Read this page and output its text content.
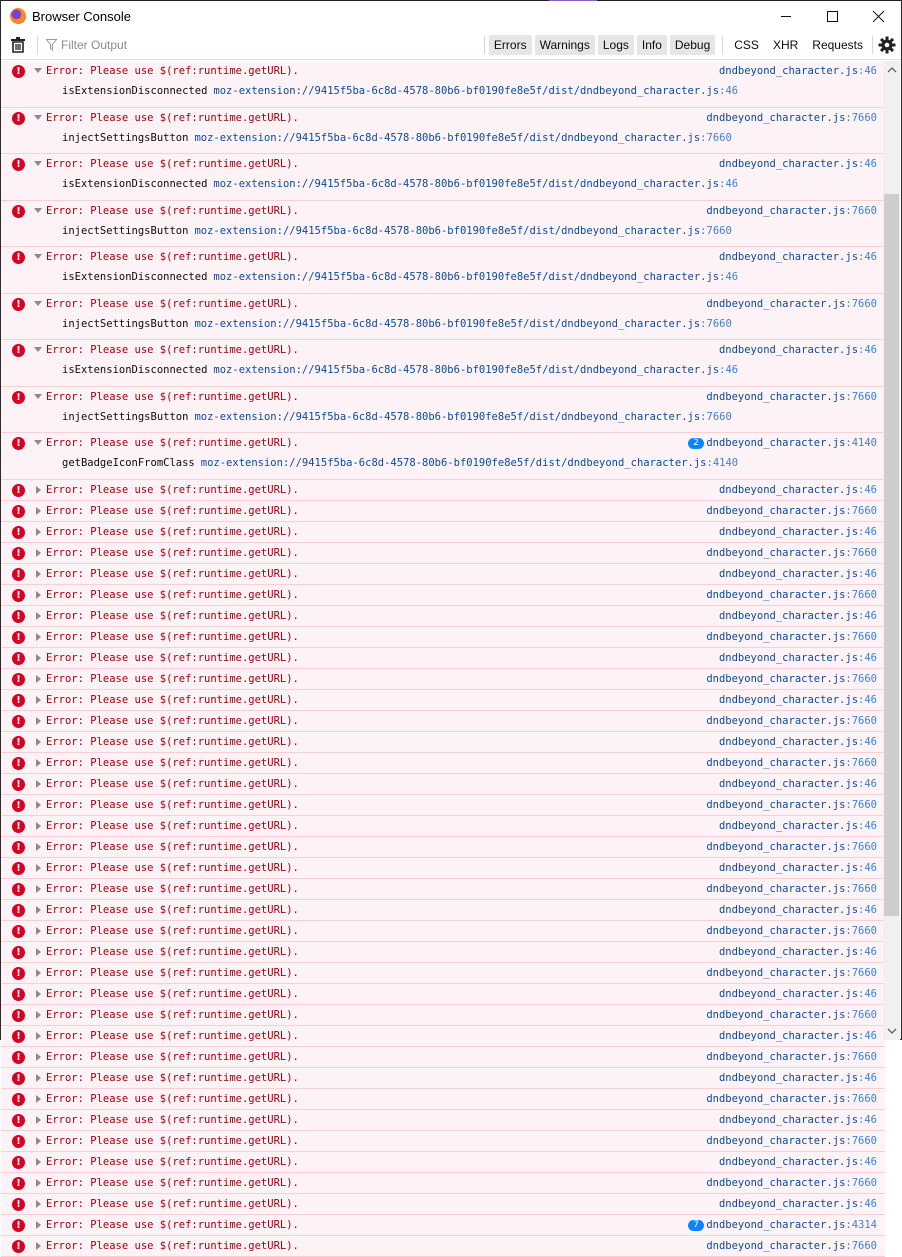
Browser Console
Filter Output
Errors	Warnings	Logs	Info	Debug	CSS	XHR	Requests
!	Error: Please use $(ref:runtime.getURL).	dndbeyond_character.js:46
isExtensionDisconnected moz-extension://9415f5ba-6c8d-4578-80b6-bf0190fe8e5f/dist/dndbeyond_character.js:46
!	Error: Please use $(ref:runtime.getURL).	dndbeyond_character.js:7660
injectSettingsButton moz-extension://9415f5ba-6c8d-4578-80b6-bf0190fe8e5f/dist/dndbeyond_character.js:7660
!	Error: Please use $(ref:runtime.getURL).	dndbeyond_character.js:46
isExtensionDisconnected moz-extension://9415f5ba-6c8d-4578-80b6-bf0190fe8e5f/dist/dndbeyond_character.js:46
!	Error: Please use $(ref:runtime.getURL).	dndbeyond_character.js:7660
injectSettingsButton moz-extension://9415f5ba-6c8d-4578-80b6-bf0190fe8e5f/dist/dndbeyond_character.js:7660
!	Error: Please use $(ref:runtime.getURL).	dndbeyond_character.js:46
isExtensionDisconnected moz-extension://9415f5ba-6c8d-4578-80b6-bf0190fe8e5f/dist/dndbeyond_character.js:46
!	Error: Please use $(ref:runtime.getURL).	dndbeyond_character.js:7660
injectSettingsButton moz-extension://9415f5ba-6c8d-4578-80b6-bf0190fe8e5f/dist/dndbeyond_character.js:7660
!	Error: Please use $(ref:runtime.getURL).	dndbeyond_character.js:46
isExtensionDisconnected moz-extension://9415f5ba-6c8d-4578-80b6-bf0190fe8e5f/dist/dndbeyond_character.js:46
!	Error: Please use $(ref:runtime.getURL).	dndbeyond_character.js:7660
injectSettingsButton moz-extension://9415f5ba-6c8d-4578-80b6-bf0190fe8e5f/dist/dndbeyond_character.js:7660
!	Error: Please use $(ref:runtime.getURL).	dndbeyond_character.js:4140
2
getBadgeIconFromClass moz-extension://9415f5ba-6c8d-4578-80b6-bf0190fe8e5f/dist/dndbeyond_character.js:4140
!	Error: Please use $(ref:runtime.getURL).	dndbeyond_character.js:46
!	Error: Please use $(ref:runtime.getURL).	dndbeyond_character.js:7660
!	Error: Please use $(ref:runtime.getURL).	dndbeyond_character.js:46
!	Error: Please use $(ref:runtime.getURL).	dndbeyond_character.js:7660
!	Error: Please use $(ref:runtime.getURL).	dndbeyond_character.js:46
!	Error: Please use $(ref:runtime.getURL).	dndbeyond_character.js:7660
!	Error: Please use $(ref:runtime.getURL).	dndbeyond_character.js:46
!	Error: Please use $(ref:runtime.getURL).	dndbeyond_character.js:7660
!	Error: Please use $(ref:runtime.getURL).	dndbeyond_character.js:46
!	Error: Please use $(ref:runtime.getURL).	dndbeyond_character.js:7660
!	Error: Please use $(ref:runtime.getURL).	dndbeyond_character.js:46
!	Error: Please use $(ref:runtime.getURL).	dndbeyond_character.js:7660
!	Error: Please use $(ref:runtime.getURL).	dndbeyond_character.js:46
!	Error: Please use $(ref:runtime.getURL).	dndbeyond_character.js:7660
!	Error: Please use $(ref:runtime.getURL).	dndbeyond_character.js:46
!	Error: Please use $(ref:runtime.getURL).	dndbeyond_character.js:7660
!	Error: Please use $(ref:runtime.getURL).	dndbeyond_character.js:46
!	Error: Please use $(ref:runtime.getURL).	dndbeyond_character.js:7660
!	Error: Please use $(ref:runtime.getURL).	dndbeyond_character.js:46
!	Error: Please use $(ref:runtime.getURL).	dndbeyond_character.js:7660
!	Error: Please use $(ref:runtime.getURL).	dndbeyond_character.js:46
!	Error: Please use $(ref:runtime.getURL).	dndbeyond_character.js:7660
!	Error: Please use $(ref:runtime.getURL).	dndbeyond_character.js:46
!	Error: Please use $(ref:runtime.getURL).	dndbeyond_character.js:7660
!	Error: Please use $(ref:runtime.getURL).	dndbeyond_character.js:46
!	Error: Please use $(ref:runtime.getURL).	dndbeyond_character.js:7660
!	Error: Please use $(ref:runtime.getURL).	dndbeyond_character.js:46
!	Error: Please use $(ref:runtime.getURL).	dndbeyond_character.js:7660
!	Error: Please use $(ref:runtime.getURL).	dndbeyond_character.js:46
!	Error: Please use $(ref:runtime.getURL).	dndbeyond_character.js:7660
!	Error: Please use $(ref:runtime.getURL).	dndbeyond_character.js:46
!	Error: Please use $(ref:runtime.getURL).	dndbeyond_character.js:7660
!	Error: Please use $(ref:runtime.getURL).	dndbeyond_character.js:46
!	Error: Please use $(ref:runtime.getURL).	dndbeyond_character.js:7660
!	Error: Please use $(ref:runtime.getURL).	dndbeyond_character.js:46
!	Error: Please use $(ref:runtime.getURL).	dndbeyond_character.js:4314
7
!	Error: Please use $(ref:runtime.getURL).	dndbeyond_character.js:7660
